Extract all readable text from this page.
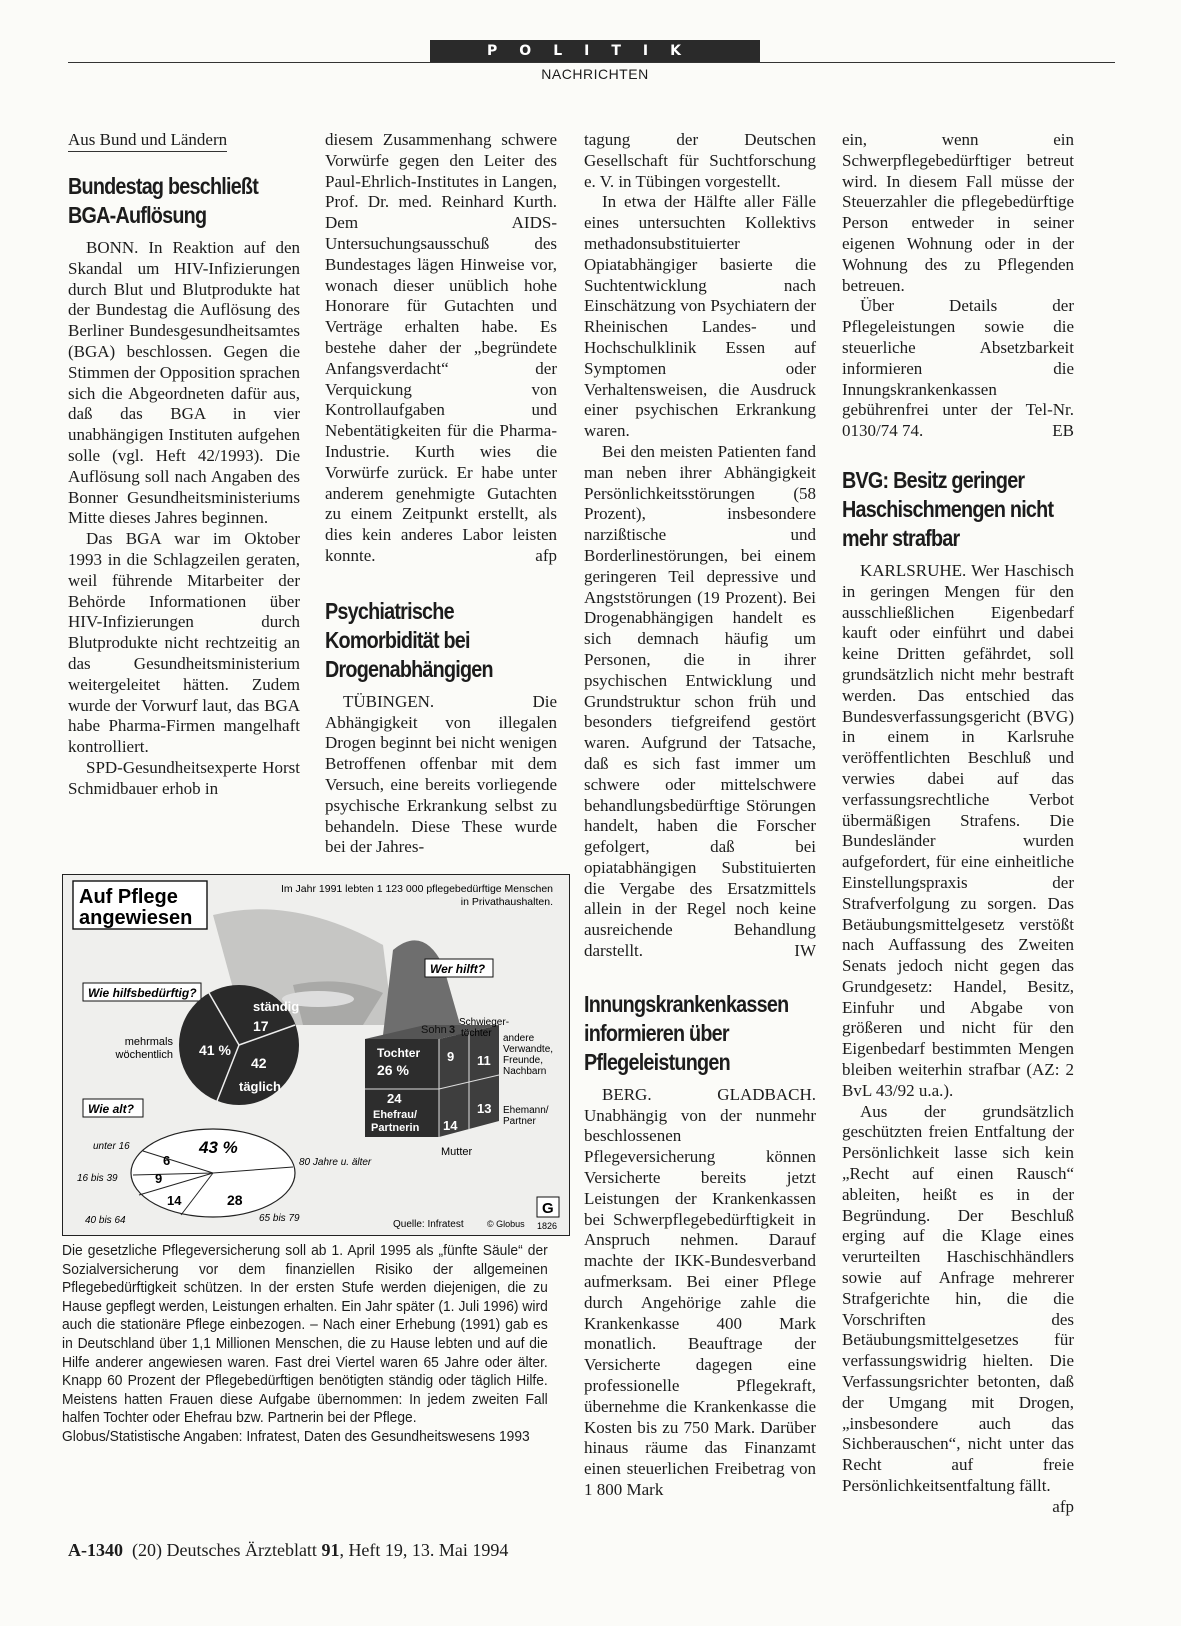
POLITIK
NACHRICHTEN
Aus Bund und Ländern
Bundestag beschließt BGA-Auflösung

BONN. In Reaktion auf den Skandal um HIV-Infizierungen durch Blut und Blutprodukte hat der Bundestag die Auflösung des Berliner Bundesgesundheitsamtes (BGA) beschlossen. Gegen die Stimmen der Opposition sprachen sich die Abgeordneten dafür aus, daß das BGA in vier unabhängigen Instituten aufgehen solle (vgl. Heft 42/1993). Die Auflösung soll nach Angaben des Bonner Gesundheitsministeriums Mitte dieses Jahres beginnen.

Das BGA war im Oktober 1993 in die Schlagzeilen geraten, weil führende Mitarbeiter der Behörde Informationen über HIV-Infizierungen durch Blutprodukte nicht rechtzeitig an das Gesundheitsministerium weitergeleitet hätten. Zudem wurde der Vorwurf laut, das BGA habe Pharma-Firmen mangelhaft kontrolliert.

SPD-Gesundheitsexperte Horst Schmidbauer erhob in

diesem Zusammenhang schwere Vorwürfe gegen den Leiter des Paul-Ehrlich-Institutes in Langen, Prof. Dr. med. Reinhard Kurth. Dem AIDS-Untersuchungsausschuß des Bundestages lägen Hinweise vor, wonach dieser unüblich hohe Honorare für Gutachten und Verträge erhalten habe. Es bestehe daher der „begründete Anfangsverdacht“ der Verquickung von Kontrollaufgaben und Nebentätigkeiten für die Pharma-Industrie. Kurth wies die Vorwürfe zurück. Er habe unter anderem genehmigte Gutachten zu einem Zeitpunkt erstellt, als dies kein anderes Labor leisten konnte.	afp

Psychiatrische Komorbidität bei Drogenabhängigen

TÜBINGEN. Die Abhängigkeit von illegalen Drogen beginnt bei nicht wenigen Betroffenen offenbar mit dem Versuch, eine bereits vorliegende psychische Erkrankung selbst zu behandeln. Diese These wurde bei der Jahres-

tagung der Deutschen Gesellschaft für Suchtforschung e. V. in Tübingen vorgestellt.

In etwa der Hälfte aller Fälle eines untersuchten Kollektivs methadonsubstituierter Opiatabhängiger basierte die Suchtentwicklung nach Einschätzung von Psychiatern der Rheinischen Landes- und Hochschulklinik Essen auf Symptomen oder Verhaltensweisen, die Ausdruck einer psychischen Erkrankung waren.

Bei den meisten Patienten fand man neben ihrer Abhängigkeit Persönlichkeitsstörungen (58 Prozent), insbesondere narzißtische und Borderlinestörungen, bei einem geringeren Teil depressive und Angststörungen (19 Prozent). Bei Drogenabhängigen handelt es sich demnach häufig um Personen, die in ihrer psychischen Entwicklung und Grundstruktur schon früh und besonders tiefgreifend gestört waren. Aufgrund der Tatsache, daß es sich fast immer um schwere oder mittelschwere behandlungsbedürftige Störungen handelt, haben die Forscher gefolgert, daß bei opiatabhängigen Substituierten die Vergabe des Ersatzmittels allein in der Regel noch keine ausreichende Behandlung darstellt.	IW

Innungskrankenkassen informieren über Pflegeleistungen

BERG. GLADBACH. Unabhängig von der nunmehr beschlossenen Pflegeversicherung können Versicherte bereits jetzt Leistungen der Krankenkassen bei Schwerpflegebedürftigkeit in Anspruch nehmen. Darauf machte der IKK-Bundesverband aufmerksam. Bei einer Pflege durch Angehörige zahle die Krankenkasse 400 Mark monatlich. Beauftrage der Versicherte dagegen eine professionelle Pflegekraft, übernehme die Krankenkasse die Kosten bis zu 750 Mark. Darüber hinaus räume das Finanzamt einen steuerlichen Freibetrag von 1 800 Mark

ein, wenn ein Schwerpflegebedürftiger betreut wird. In diesem Fall müsse der Steuerzahler die pflegebedürftige Person entweder in seiner eigenen Wohnung oder in der Wohnung des zu Pflegenden betreuen.

Über Details der Pflegeleistungen sowie die steuerliche Absetzbarkeit informieren die Innungskrankenkassen gebührenfrei unter der Tel-Nr. 0130/74 74.	EB

BVG: Besitz geringer Haschischmengen nicht mehr strafbar

KARLSRUHE. Wer Haschisch in geringen Mengen für den ausschließlichen Eigenbedarf kauft oder einführt und dabei keine Dritten gefährdet, soll grundsätzlich nicht mehr bestraft werden. Das entschied das Bundesverfassungsgericht (BVG) in einem in Karlsruhe veröffentlichten Beschluß und verwies dabei auf das verfassungsrechtliche Verbot übermäßigen Strafens. Die Bundesländer wurden aufgefordert, für eine einheitliche Einstellungspraxis der Strafverfolgung zu sorgen. Das Betäubungsmittelgesetz verstößt nach Auffassung des Zweiten Senats jedoch nicht gegen das Grundgesetz: Handel, Besitz, Einfuhr und Abgabe von größeren und nicht für den Eigenbedarf bestimmten Mengen bleiben weiterhin strafbar (AZ: 2 BvL 43/92 u.a.).

Aus der grundsätzlich geschützten freien Entfaltung der Persönlichkeit lasse sich kein „Recht auf einen Rausch“ ableiten, heißt es in der Begründung. Der Beschluß erging auf die Klage eines verurteilten Haschischhändlers sowie auf Anfrage mehrerer Strafgerichte hin, die die Vorschriften des Betäubungsmittelgesetzes für verfassungswidrig hielten. Die Verfassungsrichter betonten, daß der Umgang mit Drogen, „insbesondere auch das Sichberauschen“, nicht unter das Recht auf freie Persönlichkeitsentfaltung fällt.
afp

Auf Pflege
angewiesen
Im Jahr 1991 lebten 1 123 000 pflegebedürftige Menschen
in Privathaushalten.
Wie hilfsbedürftig?
Wer hilft?
Wie alt?
ständig
17
42
täglich
41 %
mehrmals
wöchentlich	Tochter
26 %
24
Ehefrau/
Partnerin
9 11
13
14
Sohn 3
Schwieger-
töchter andere
Verwandte,
Freunde,
Nachbarn
Ehemann/
Partner
Mutter
43 %
6
9
14	28
80 Jahre u. älter
unter 16
16 bis 39
40 bis 64	65 bis 79
Quelle: Infratest	© Globus
G
1826
Die gesetzliche Pflegeversicherung soll ab 1. April 1995 als „fünfte Säule“ der Sozialversicherung vor dem finanziellen Risiko der allgemeinen Pflegebedürftigkeit schützen. In der ersten Stufe werden diejenigen, die zu Hause gepflegt werden, Leistungen erhalten. Ein Jahr später (1. Juli 1996) wird auch die stationäre Pflege einbezogen. – Nach einer Erhebung (1991) gab es in Deutschland über 1,1 Millionen Menschen, die zu Hause lebten und auf die Hilfe anderer angewiesen waren. Fast drei Viertel waren 65 Jahre oder älter. Knapp 60 Prozent der Pflegebedürftigen benötigten ständig oder täglich Hilfe. Meistens hatten Frauen diese Aufgabe übernommen: In jedem zweiten Fall halfen Tochter oder Ehefrau bzw. Partnerin bei der Pflege.
Globus/Statistische Angaben: Infratest, Daten des Gesundheitswesens 1993
A-1340 (20) Deutsches Ärzteblatt 91, Heft 19, 13. Mai 1994
